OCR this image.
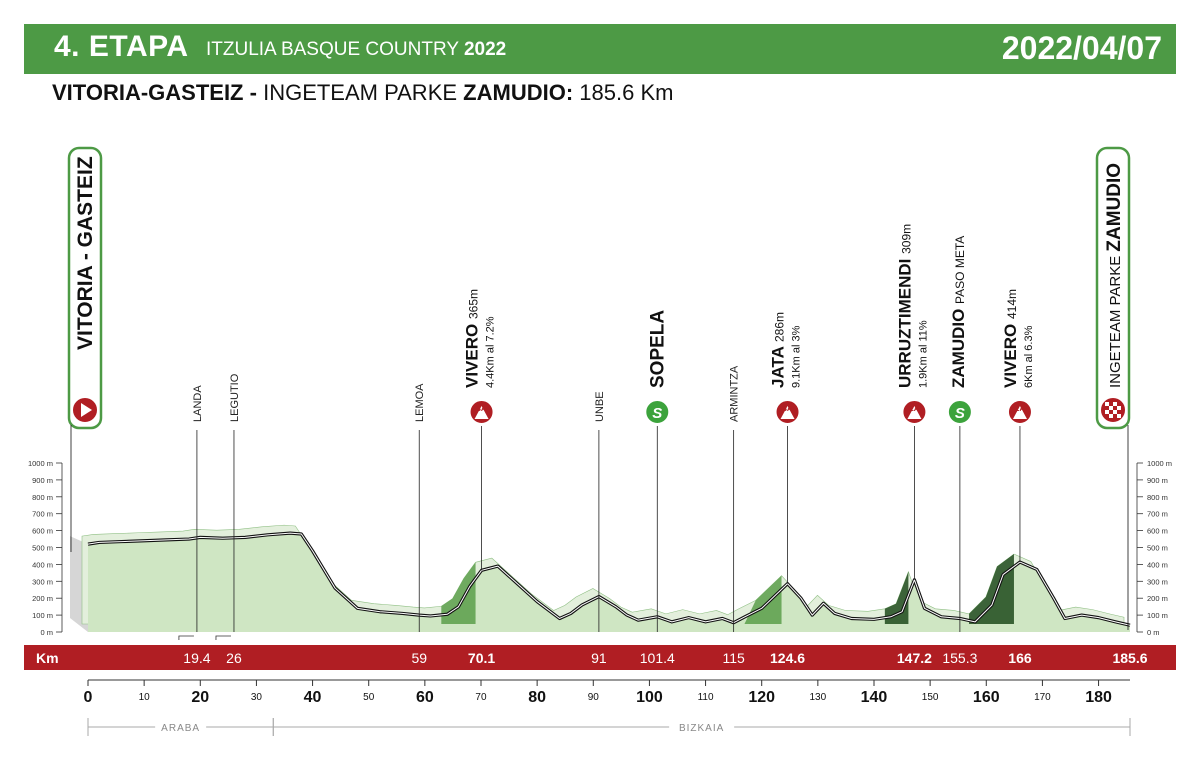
4. ETAPA ITZULIA BASQUE COUNTRY 2022	2022/04/07
VITORIA-GASTEIZ - INGETEAM PARKE ZAMUDIO: 185.6 Km
0 m	0 m
100 m	100 m
200 m	200 m
300 m	300 m
400 m	400 m
500 m	500 m
600 m	600 m
700 m	700 m
800 m	800 m
900 m	900 m
1000 m	1000 m
VITORIA - GASTEIZ	INGETEAM PARKE ZAMUDIO
LANDA LEGUTIO	LEMOA	UNBE	ARMINTZA
3A
VIVERO 365m
4.4Km al 7.2%
3A
JATA 286m 9.1Km al 3%
2A
URRUZTIMENDI 309m
1.9Km al 11%
2A
VIVERO 414m
6Km al 6.3%
S
SOPELA
S
ZAMUDIO PASO META
Km	19.4 26	59	70.1	91 101.4	115 124.6	147.2 155.3 166	185.6
0	10	20	30	40	50	60	70	80	90 100	110 120	130 140	150 160	170 180
ARABA	BIZKAIA
